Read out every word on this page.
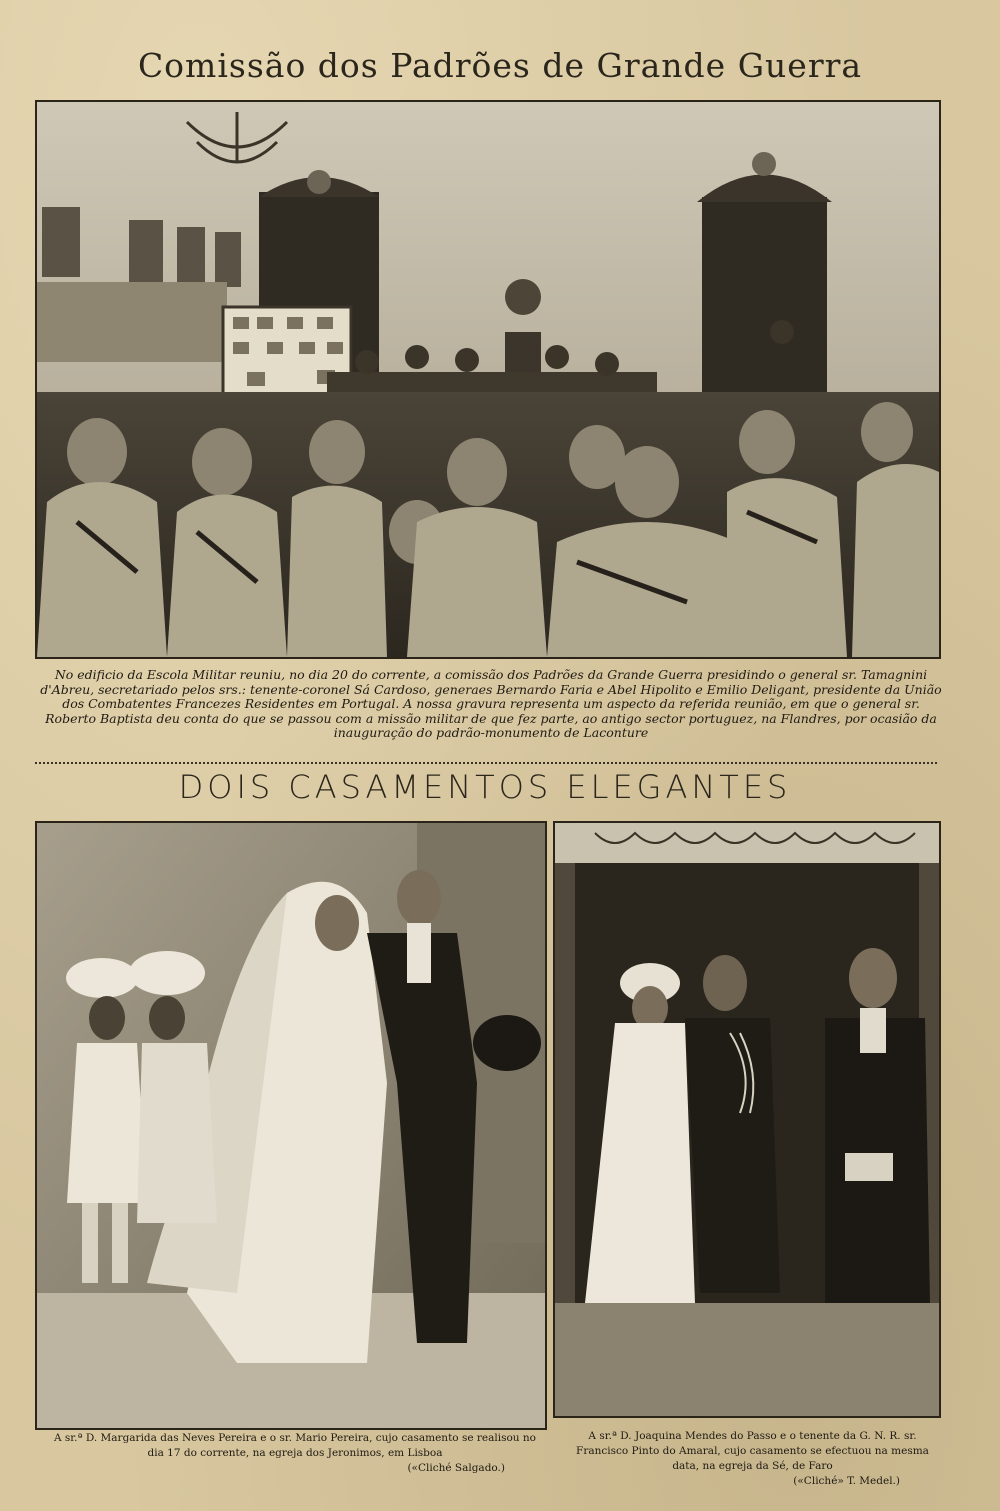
Comissão dos Padrões de Grande Guerra
No edificio da Escola Militar reuniu, no dia 20 do corrente, a comissão dos Padrões da Grande Guerra presidindo o general sr. Tamagnini d'Abreu, secretariado pelos srs.: tenente-coronel Sá Cardoso, generaes Bernardo Faria e Abel Hipolito e Emilio Deligant, presidente da União dos Combatentes Francezes Residentes em Portugal. A nossa gravura representa um aspecto da referida reunião, em que o general sr. Roberto Baptista deu conta do que se passou com a missão militar de que fez parte, ao antigo sector portuguez, na Flandres, por ocasião da inauguração do padrão-monumento de Laconture
DOIS CASAMENTOS ELEGANTES
A sr.ª D. Margarida das Neves Pereira e o sr. Mario Pereira, cujo casamento se realisou no dia 17 do corrente, na egreja dos Jeronimos, em Lisboa
(«Cliché Salgado.)
A sr.ª D. Joaquina Mendes do Passo e o tenente da G. N. R. sr. Francisco Pinto do Amaral, cujo casamento se efectuou na mesma data, na egreja da Sé, de Faro
(«Cliché» T. Medel.)
